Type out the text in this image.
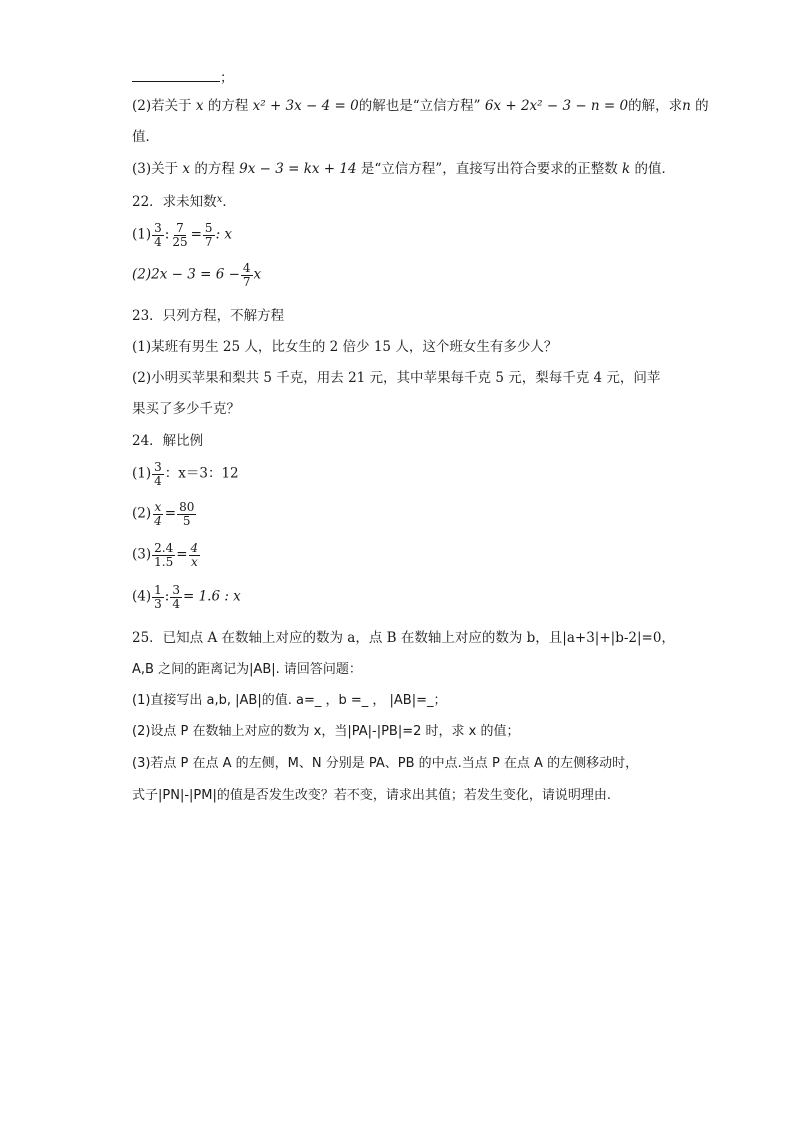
；
(2)若关于 x 的方程 x² + 3x − 4 = 0的解也是“立信方程” 6x + 2x² − 3 − n = 0的解，求n 的
值．
(3)关于 x 的方程 9x − 3 = kx + 14 是“立信方程”，直接写出符合要求的正整数 k 的值．
22．求未知数$^x$．
$(1) \frac{3}{4}$ : $\frac{7}{25} = \frac{5}{7}$ : x
$(2)2x - 3 = 6 - \frac{4}{7}$ x
23．只列方程，不解方程
(1)某班有男生 25 人，比女生的 2 倍少 15 人，这个班女生有多少人？
(2)小明买苹果和梨共 5 千克，用去 21 元，其中苹果每千克 5 元，梨每千克 4 元，问苹
果买了多少千克？
24．解比例
$(1) \frac{3}{4}$ ：x＝3：12
$(2) \frac{x}{4} = \frac{80}{5}$
$(3) \frac{2.4}{1.5} = \frac{4}{x}$
$(4) \frac{1}{3}$ : $\frac{3}{4} = 1.6$ : x
25．已知点 A 在数轴上对应的数为 a，点 B 在数轴上对应的数为 b，且|a+3|+|b-2|=0，
A,B 之间的距离记为|AB|. 请回答问题：
(1)直接写出 a,b, |AB|的值. a=_ ，b =_ ， |AB|=_；
(2)设点 P 在数轴上对应的数为 x，当|PA|-|PB|=2 时，求 x 的值；
(3)若点 P 在点 A 的左侧，M、N 分别是 PA、PB 的中点.当点 P 在点 A 的左侧移动时，
式子|PN|-|PM|的值是否发生改变？若不变，请求出其值；若发生变化，请说明理由.
